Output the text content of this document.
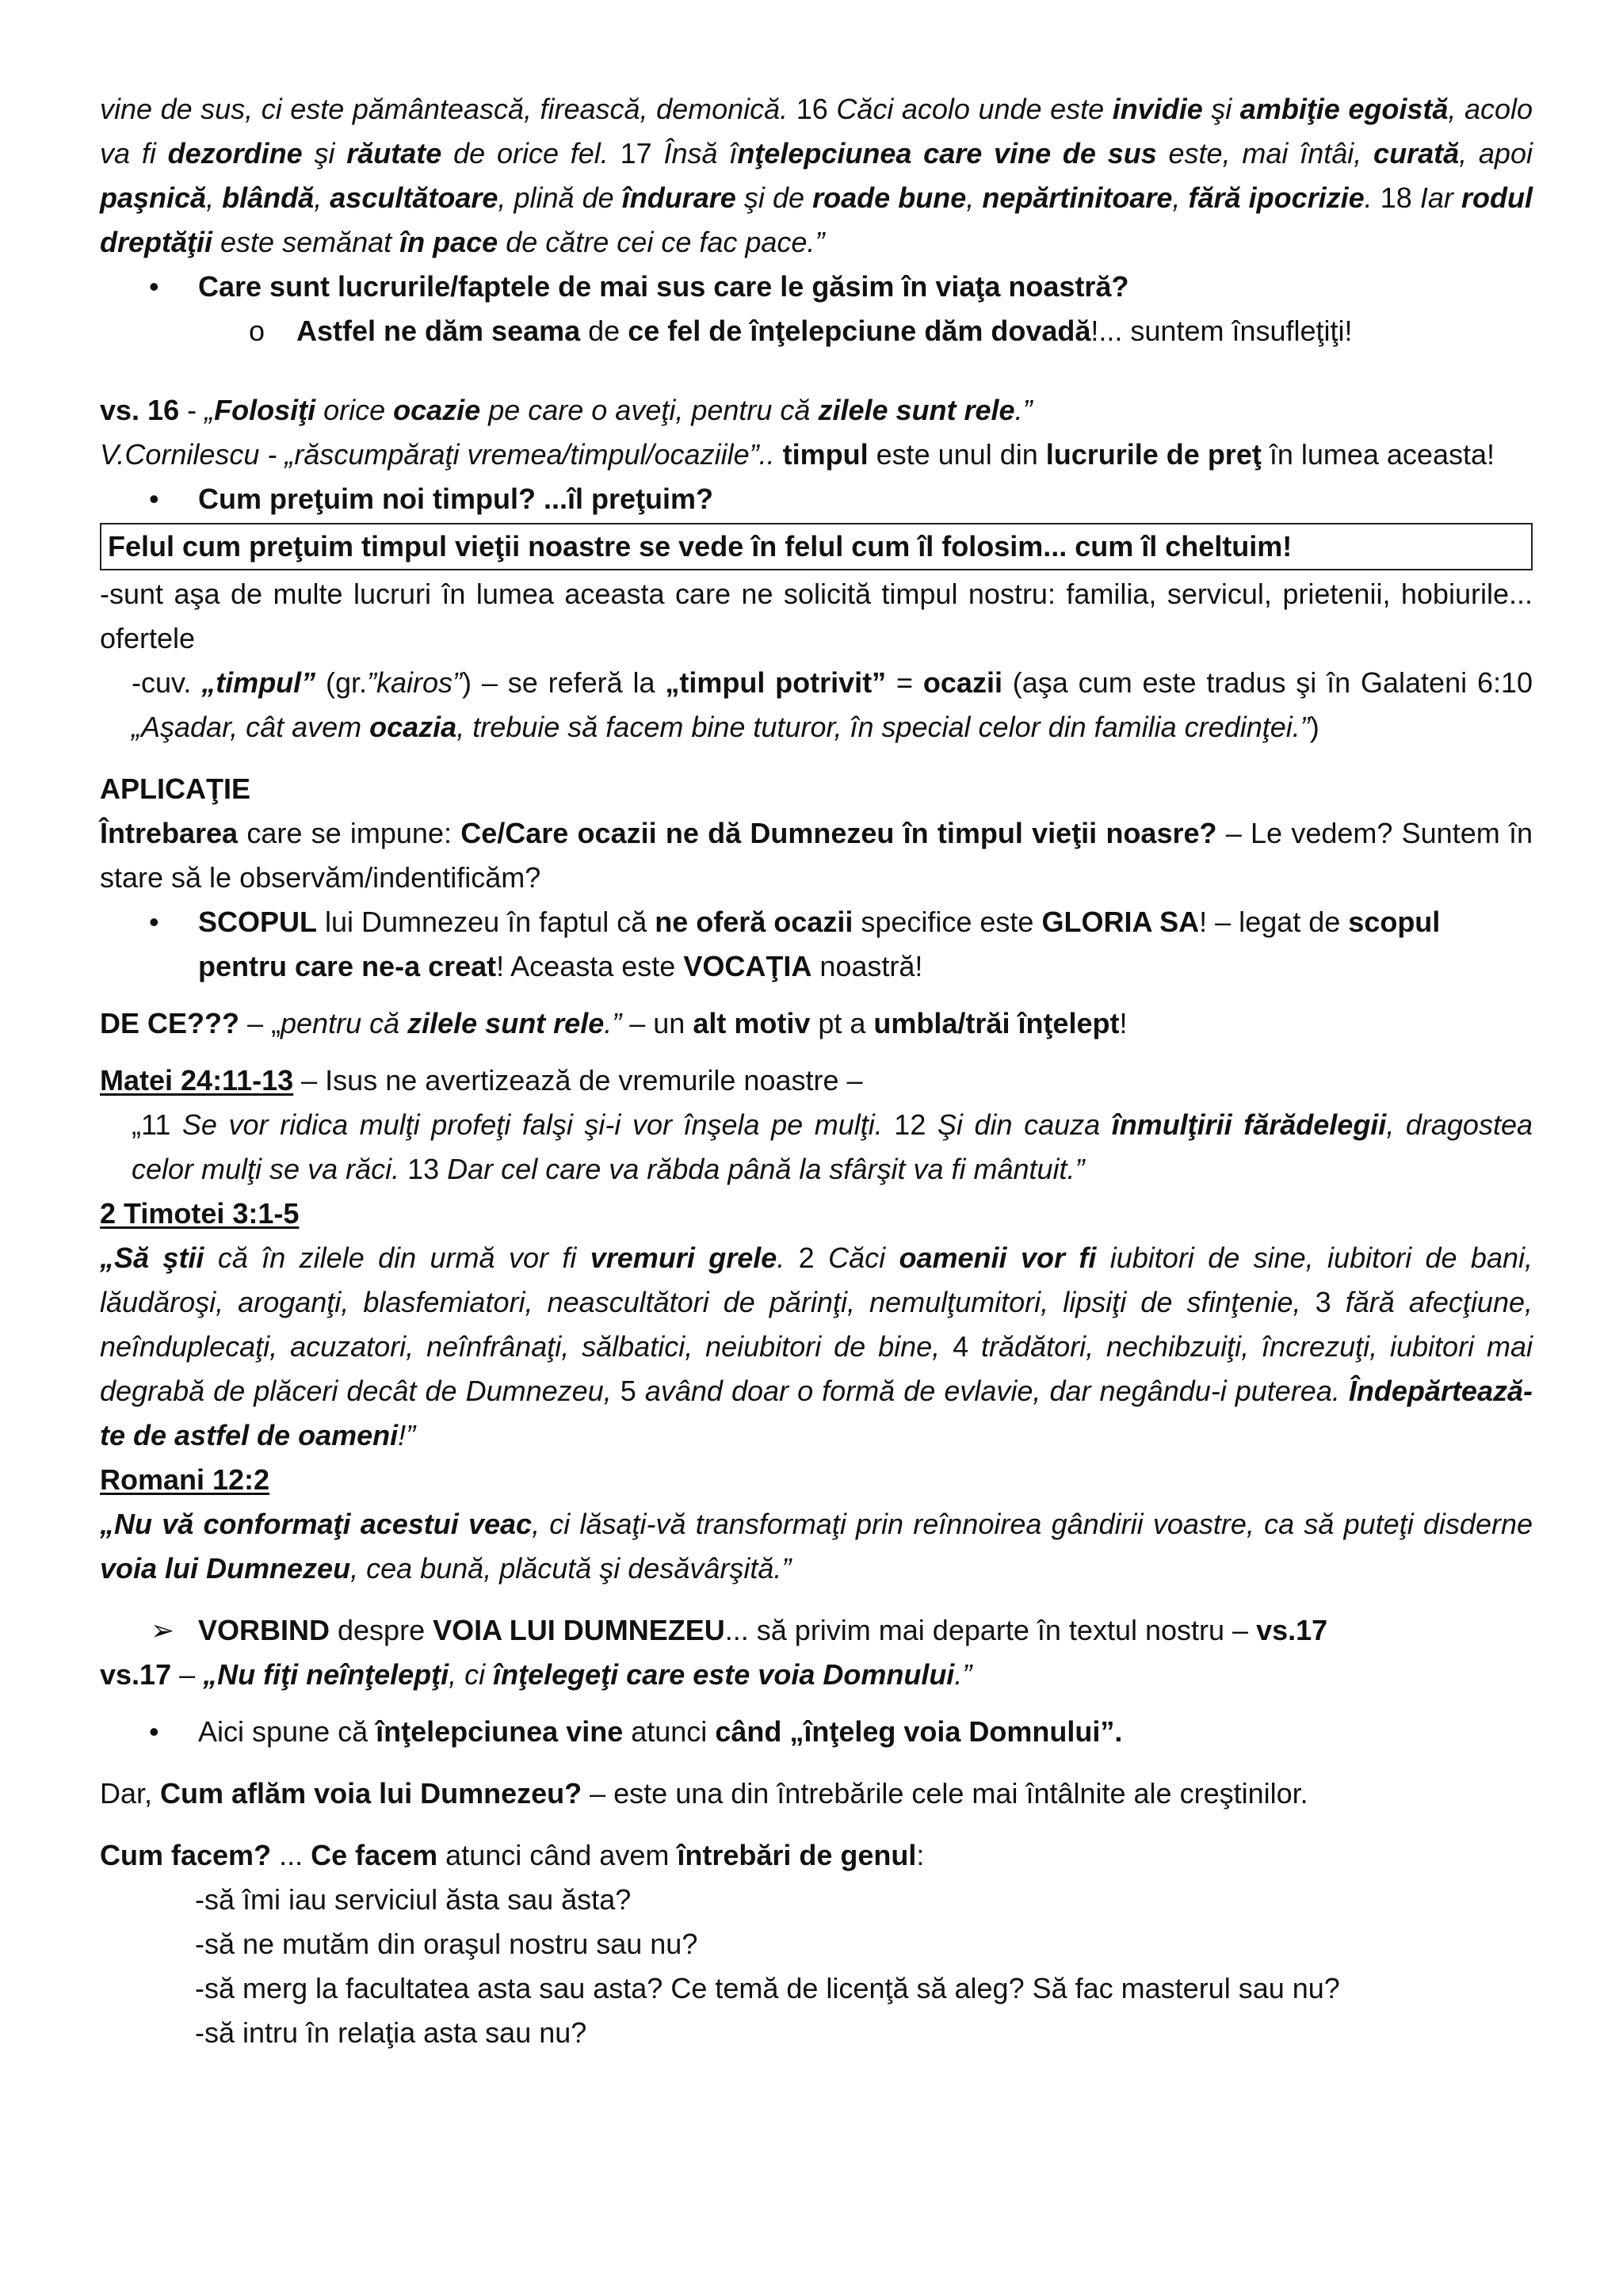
vine de sus, ci este pământească, firească, demonică. 16 Căci acolo unde este invidie şi ambiţie egoistă, acolo va fi dezordine şi răutate de orice fel. 17 Însă înţelepciunea care vine de sus este, mai întâi, curată, apoi paşnică, blândă, ascultătoare, plină de îndurare şi de roade bune, nepărtinitoare, fără ipocrizie. 18 Iar rodul dreptăţii este semănat în pace de către cei ce fac pace.”

• Care sunt lucrurile/faptele de mai sus care le găsim în viaţa noastră?

o Astfel ne dăm seama de ce fel de înţelepciune dăm dovadă!... suntem însufleţiţi!

vs. 16 - „Folosiţi orice ocazie pe care o aveţi, pentru că zilele sunt rele.”

V.Cornilescu - „răscumpăraţi vremea/timpul/ocaziile”.. timpul este unul din lucrurile de preţ în lumea aceasta!

• Cum preţuim noi timpul? ...îl preţuim?

Felul cum preţuim timpul vieţii noastre se vede în felul cum îl folosim... cum îl cheltuim!

-sunt aşa de multe lucruri în lumea aceasta care ne solicită timpul nostru: familia, servicul, prietenii, hobiurile... ofertele

-cuv. „timpul” (gr.”kairos”) – se referă la „timpul potrivit” = ocazii (aşa cum este tradus şi în Galateni 6:10 „Aşadar, cât avem ocazia, trebuie să facem bine tuturor, în special celor din familia credinţei.”)

APLICAŢIE

Întrebarea care se impune: Ce/Care ocazii ne dă Dumnezeu în timpul vieţii noasre? – Le vedem? Suntem în stare să le observăm/indentificăm?

• SCOPUL lui Dumnezeu în faptul că ne oferă ocazii specifice este GLORIA SA! – legat de scopul pentru care ne-a creat! Aceasta este VOCAŢIA noastră!

DE CE??? – „pentru că zilele sunt rele.” – un alt motiv pt a umbla/trăi înţelept!

Matei 24:11-13 – Isus ne avertizează de vremurile noastre –

„11 Se vor ridica mulţi profeţi falşi şi-i vor înşela pe mulţi. 12 Şi din cauza înmulţirii fărădelegii, dragostea celor mulţi se va răci. 13 Dar cel care va răbda până la sfârşit va fi mântuit.”

2 Timotei 3:1-5

„Să ştii că în zilele din urmă vor fi vremuri grele. 2 Căci oamenii vor fi iubitori de sine, iubitori de bani, lăudăroşi, aroganţi, blasfemiatori, neascultători de părinţi, nemulţumitori, lipsiţi de sfinţenie, 3 fără afecţiune, neînduplecaţi, acuzatori, neînfrânaţi, sălbatici, neiubitori de bine, 4 trădători, nechibzuiţi, încrezuţi, iubitori mai degrabă de plăceri decât de Dumnezeu, 5 având doar o formă de evlavie, dar negându-i puterea. Îndepărtează-te de astfel de oameni!”

Romani 12:2

„Nu vă conformaţi acestui veac, ci lăsaţi-vă transformaţi prin reînnoirea gândirii voastre, ca să puteţi disderne voia lui Dumnezeu, cea bună, plăcută şi desăvârşită.”

➢ VORBIND despre VOIA LUI DUMNEZEU... să privim mai departe în textul nostru – vs.17

vs.17 – „Nu fiţi neînţelepţi, ci înţelegeţi care este voia Domnului.”

• Aici spune că înţelepciunea vine atunci când „înţeleg voia Domnului”.

Dar, Cum aflăm voia lui Dumnezeu? – este una din întrebările cele mai întâlnite ale creştinilor.

Cum facem? ... Ce facem atunci când avem întrebări de genul:

-să îmi iau serviciul ăsta sau ăsta?

-să ne mutăm din oraşul nostru sau nu?

-să merg la facultatea asta sau asta? Ce temă de licenţă să aleg? Să fac masterul sau nu?

-să intru în relaţia asta sau nu?
